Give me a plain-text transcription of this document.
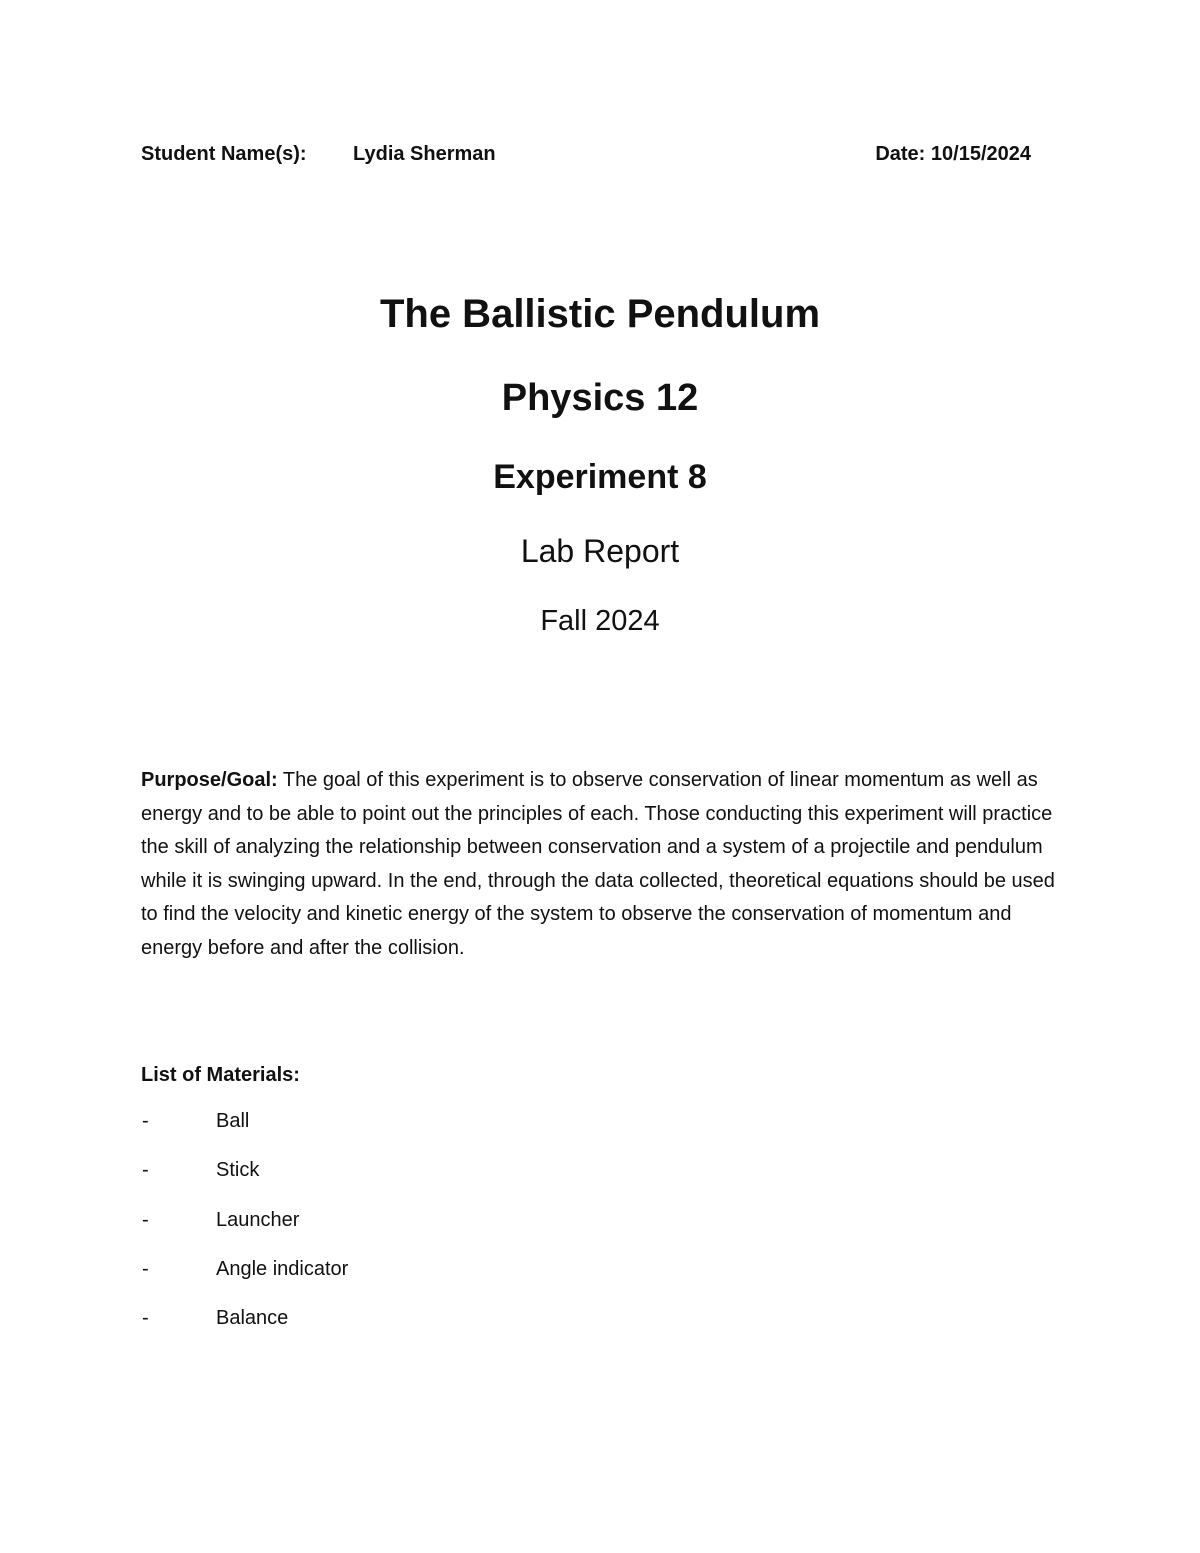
Student Name(s): Lydia Sherman	Date: 10/15/2024
The Ballistic Pendulum
Physics 12
Experiment 8
Lab Report
Fall 2024
Purpose/Goal: The goal of this experiment is to observe conservation of linear momentum as well as energy and to be able to point out the principles of each. Those conducting this experiment will practice the skill of analyzing the relationship between conservation and a system of a projectile and pendulum while it is swinging upward. In the end, through the data collected, theoretical equations should be used to find the velocity and kinetic energy of the system to observe the conservation of momentum and energy before and after the collision.
List of Materials:
-	Ball
-	Stick
-	Launcher
-	Angle indicator
-	Balance
